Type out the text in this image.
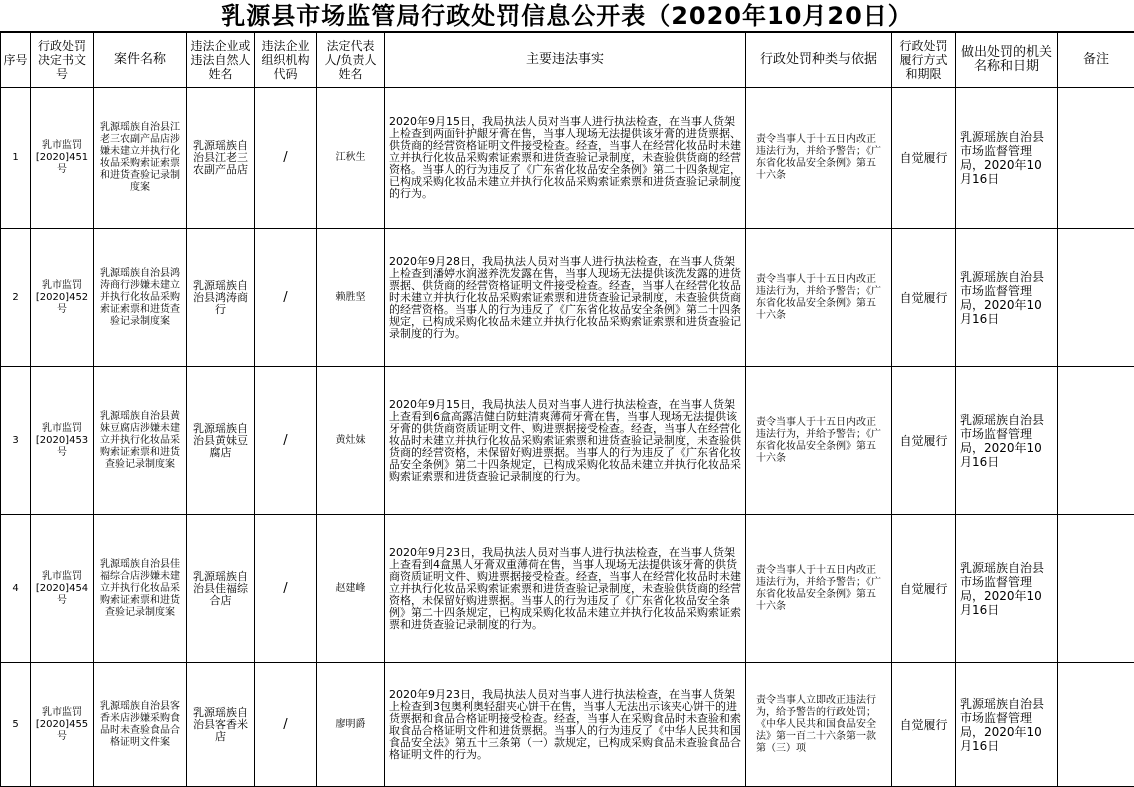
乳源县市场监管局行政处罚信息公开表（2020年10月20日）
序号	行政处罚决定书文号	案件名称	违法企业或违法自然人姓名	违法企业组织机构代码	法定代表人/负责人姓名	主要违法事实	行政处罚种类与依据	行政处罚履行方式和期限	做出处罚的机关名称和日期	备注
1	乳市监罚[2020]451号	乳源瑶族自治县江老三农副产品店涉嫌未建立并执行化妆品采购索证索票和进货查验记录制度案	乳源瑶族自治县江老三农副产品店	/	江秋生	2020年9月15日，我局执法人员对当事人进行执法检查，在当事人货架上检查到两面针护龈牙膏在售，当事人现场无法提供该牙膏的进货票据、供货商的经营资格证明文件接受检查。经查，当事人在经营化妆品时未建立并执行化妆品采购索证索票和进货查验记录制度，未查验供货商的经营资格。当事人的行为违反了《广东省化妆品安全条例》第二十四条规定，已构成采购化妆品未建立并执行化妆品采购索证索票和进货查验记录制度的行为。	责令当事人于十五日内改正违法行为，并给予警告；《广东省化妆品安全条例》第五十六条	自觉履行	乳源瑶族自治县市场监督管理局，2020年10月16日	
2	乳市监罚[2020]452号	乳源瑶族自治县鸿涛商行涉嫌未建立并执行化妆品采购索证索票和进货查验记录制度案	乳源瑶族自治县鸿涛商行	/	赖胜坚	2020年9月28日，我局执法人员对当事人进行执法检查，在当事人货架上检查到潘婷水润滋养洗发露在售，当事人现场无法提供该洗发露的进货票据、供货商的经营资格证明文件接受检查。经查，当事人在经营化妆品时未建立并执行化妆品采购索证索票和进货查验记录制度，未查验供货商的经营资格。当事人的行为违反了《广东省化妆品安全条例》第二十四条规定，已构成采购化妆品未建立并执行化妆品采购索证索票和进货查验记录制度的行为。	责令当事人于十五日内改正违法行为，并给予警告；《广东省化妆品安全条例》第五十六条	自觉履行	乳源瑶族自治县市场监督管理局，2020年10月16日	
3	乳市监罚[2020]453号	乳源瑶族自治县黄妹豆腐店涉嫌未建立并执行化妆品采购索证索票和进货查验记录制度案	乳源瑶族自治县黄妹豆腐店	/	黄灶妹	2020年9月15日，我局执法人员对当事人进行执法检查，在当事人货架上查看到6盒高露洁健白防蛀清爽薄荷牙膏在售，当事人现场无法提供该牙膏的供货商资质证明文件、购进票据接受检查。经查，当事人在经营化妆品时未建立并执行化妆品采购索证索票和进货查验记录制度，未查验供货商的经营资格，未保留好购进票据。当事人的行为违反了《广东省化妆品安全条例》第二十四条规定，已构成采购化妆品未建立并执行化妆品采购索证索票和进货查验记录制度的行为。	责令当事人于十五日内改正违法行为，并给予警告；《广东省化妆品安全条例》第五十六条	自觉履行	乳源瑶族自治县市场监督管理局，2020年10月16日	
4	乳市监罚[2020]454号	乳源瑶族自治县佳福综合店涉嫌未建立并执行化妆品采购索证索票和进货查验记录制度案	乳源瑶族自治县佳福综合店	/	赵建峰	2020年9月23日，我局执法人员对当事人进行执法检查，在当事人货架上查看到4盒黑人牙膏双重薄荷在售，当事人现场无法提供该牙膏的供货商资质证明文件、购进票据接受检查。经查，当事人在经营化妆品时未建立并执行化妆品采购索证索票和进货查验记录制度，未查验供货商的经营资格，未保留好购进票据。当事人的行为违反了《广东省化妆品安全条例》第二十四条规定，已构成采购化妆品未建立并执行化妆品采购索证索票和进货查验记录制度的行为。	责令当事人于十五日内改正违法行为，并给予警告；《广东省化妆品安全条例》第五十六条	自觉履行	乳源瑶族自治县市场监督管理局，2020年10月16日	
5	乳市监罚[2020]455号	乳源瑶族自治县客香米店涉嫌采购食品时未查验食品合格证明文件案	乳源瑶族自治县客香米店	/	廖明爵	2020年9月23日，我局执法人员对当事人进行执法检查，在当事人货架上检查到3包奥利奥轻甜夹心饼干在售，当事人无法出示该夹心饼干的进货票据和食品合格证明接受检查。经查，当事人在采购食品时未查验和索取食品合格证明文件和进货票据。当事人的行为违反了《中华人民共和国食品安全法》第五十三条第（一）款规定，已构成采购食品未查验食品合格证明文件的行为。	责令当事人立即改正违法行为，给予警告的行政处罚；《中华人民共和国食品安全法》第一百二十六条第一款第（三）项	自觉履行	乳源瑶族自治县市场监督管理局，2020年10月16日	
